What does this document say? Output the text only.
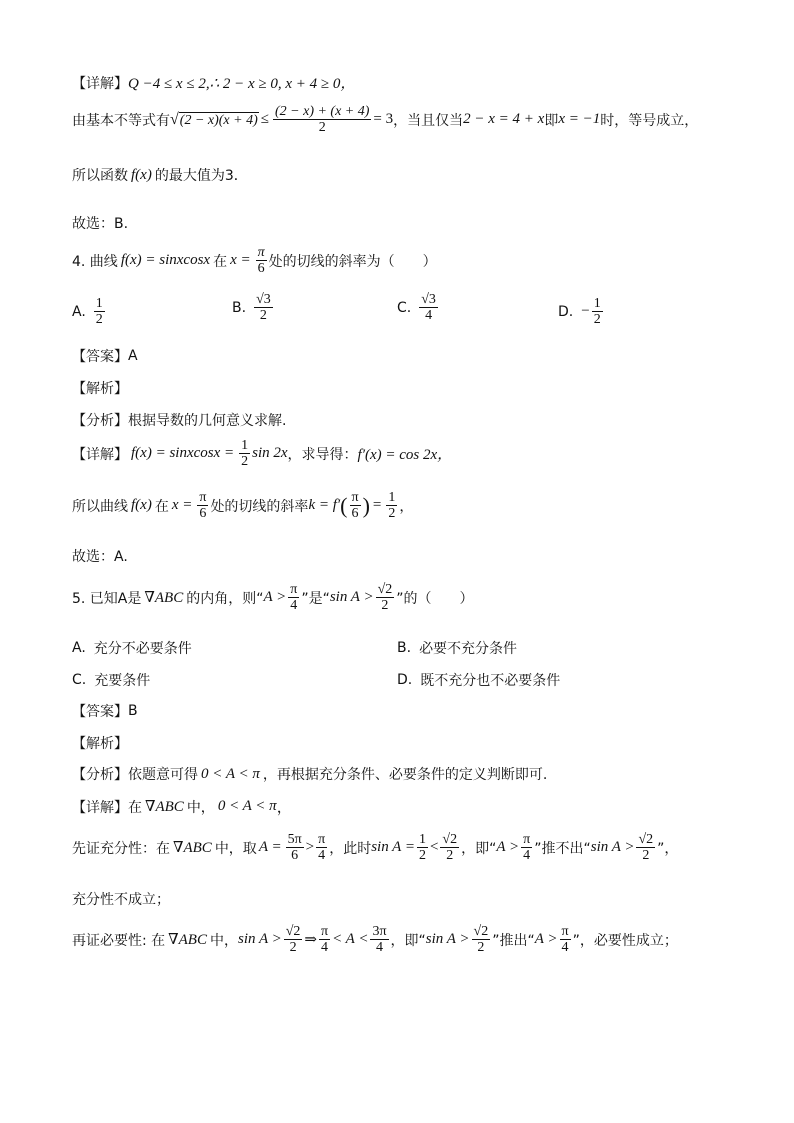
【详解】 Q −4 ≤ x ≤ 2,∴ 2 − x ≥ 0, x + 4 ≥ 0，
由基本不等式有 √ $(2 - x)(x + 4) \le \frac{(2 - x) + (x + 4)}{2} = 3$ ，当且仅当 2 − x = 4 + x 即 x = −1 时，等号成立，
所以函数 f(x) 的最大值为3．
故选：B.
4. 曲线 f(x) = sinxcosx 在 $x = \frac{\pi}{6}$ 处的切线的斜率为（　　）
A. $\frac{1}{2}$	B. $\frac{√3}{2}$	C. $\frac{√3}{4}$	D. − $\frac{1}{2}$
【答案】 A
【解析】
【分析】 根据导数的几何意义求解.
【详解】 f(x) = sinxcosx = $\frac{1}{2}$ sin 2x ，求导得： f′(x) = cos 2x，
所以曲线 f(x) 在 $x = \frac{\pi}{6}$ 处的切线的斜率 k = f′ ( $\frac{\pi}{6}$ ) = $\frac{1}{2}$ ，
故选：A.
5. 已知A是 ∇ABC 的内角，则“ $A > \frac{\pi}{4}$ ”是“ $\sin A > \frac{√2}{2}$ ”的（　　）
A. 充分不必要条件	B. 必要不充分条件
C. 充要条件	D. 既不充分也不必要条件
【答案】 B
【解析】
【分析】 依题意可得 0 < A < π ，再根据充分条件、必要条件的定义判断即可.
【详解】 在 ∇ABC 中， 0 < A < π ，
先证充分性：在 ∇ABC 中，取 $A = \frac{5\pi}{6} > \frac{\pi}{4}$ ，此时 $\sin A = \frac{1}{2} < \frac{√2}{2}$ ，即“ $A > \frac{\pi}{4}$ ”推不出“ $\sin A > \frac{√2}{2}$ ”，
充分性不成立；
再证必要性: 在 ∇ABC 中， $\sin A > \frac{√2}{2}$ ⇒ $\frac{\pi}{4} < A < \frac{3\pi}{4}$ ，即“ $\sin A > \frac{√2}{2}$ ”推出“ $A > \frac{\pi}{4}$ ”，必要性成立；
